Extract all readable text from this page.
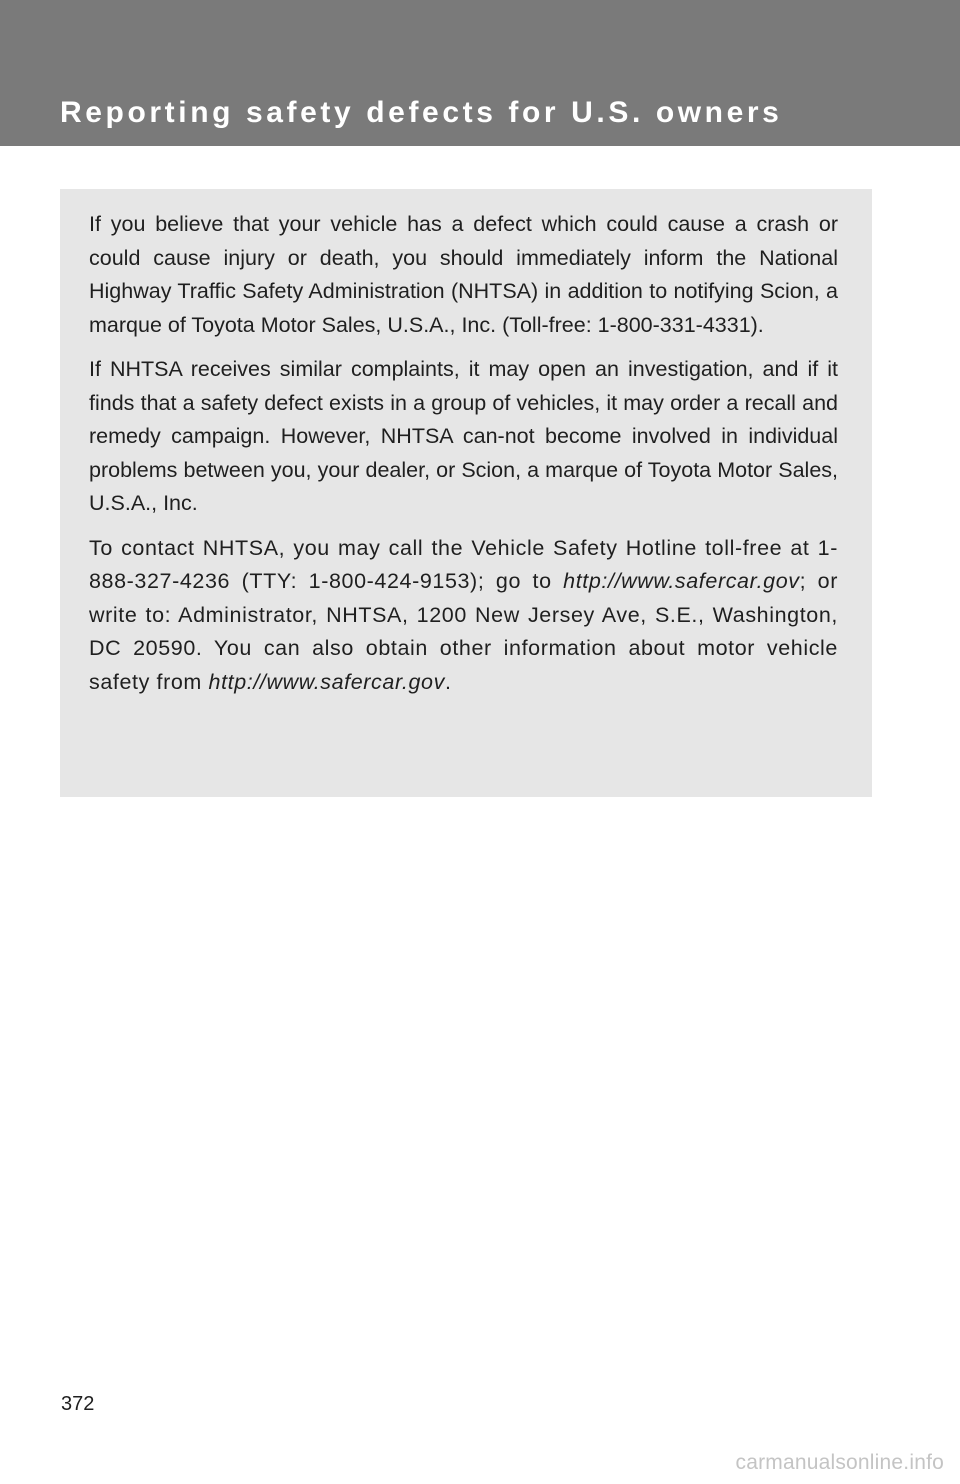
Reporting safety defects for U.S. owners

If you believe that your vehicle has a defect which could cause a crash or could cause injury or death, you should immediately inform the National Highway Traffic Safety Administration (NHTSA) in addition to notifying Scion, a marque of Toyota Motor Sales, U.S.A., Inc. (Toll-free: 1-800-331-4331).

If NHTSA receives similar complaints, it may open an investigation, and if it finds that a safety defect exists in a group of vehicles, it may order a recall and remedy campaign. However, NHTSA can-not become involved in individual problems between you, your dealer, or Scion, a marque of Toyota Motor Sales, U.S.A., Inc.

To contact NHTSA, you may call the Vehicle Safety Hotline toll-free at 1-888-327-4236 (TTY: 1-800-424-9153); go to http://www.safercar.gov; or write to: Administrator, NHTSA, 1200 New Jersey Ave, S.E., Washington, DC 20590. You can also obtain other information about motor vehicle safety from http://www.safercar.gov.

372
carmanualsonline.info
